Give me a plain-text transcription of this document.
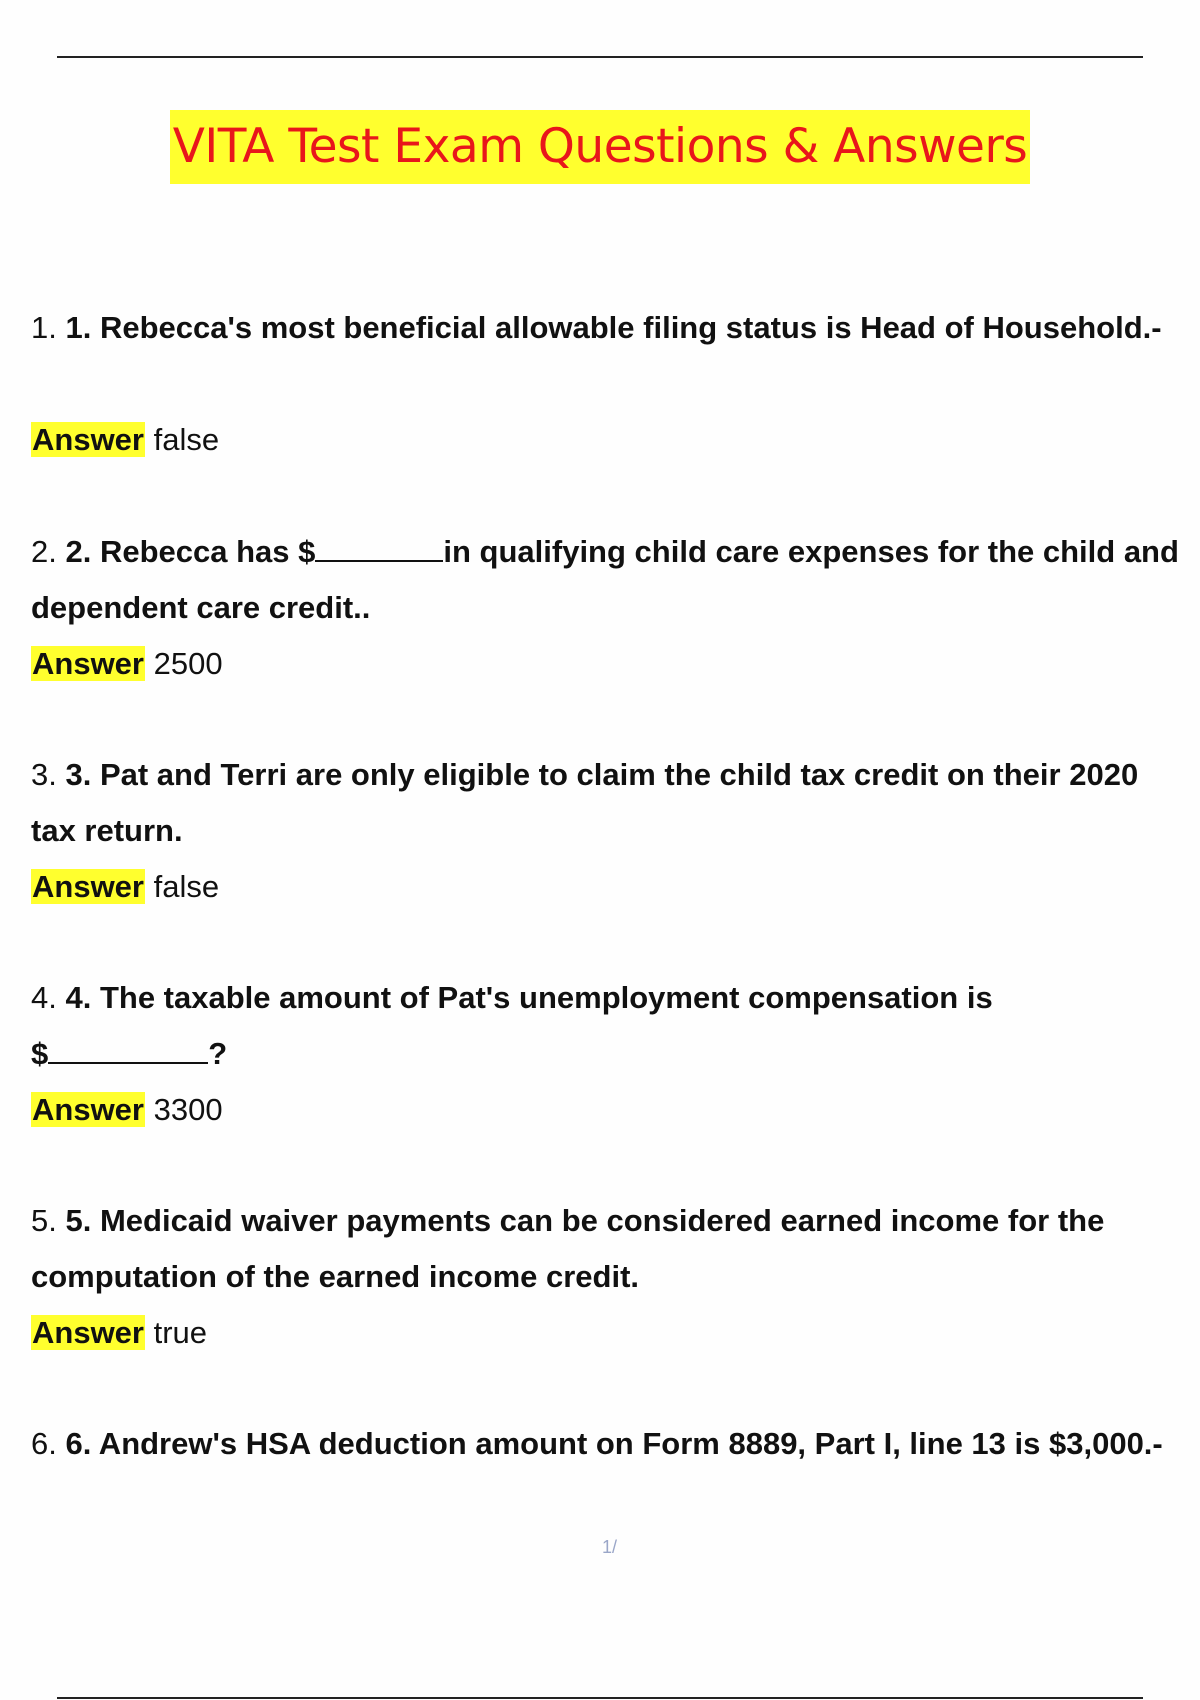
VITA Test Exam Questions & Answers
1. 1. Rebecca's most beneficial allowable filing status is Head of Household.-
Answer false
2. 2. Rebecca has $	in qualifying child care expenses for the child and
dependent care credit..
Answer 2500
3. 3. Pat and Terri are only eligible to claim the child tax credit on their 2020
tax return.
Answer false
4. 4. The taxable amount of Pat's unemployment compensation is
$	?
Answer 3300
5. 5. Medicaid waiver payments can be considered earned income for the
computation of the earned income credit.
Answer true
6. 6. Andrew's HSA deduction amount on Form 8889, Part I, line 13 is $3,000.-
1/
